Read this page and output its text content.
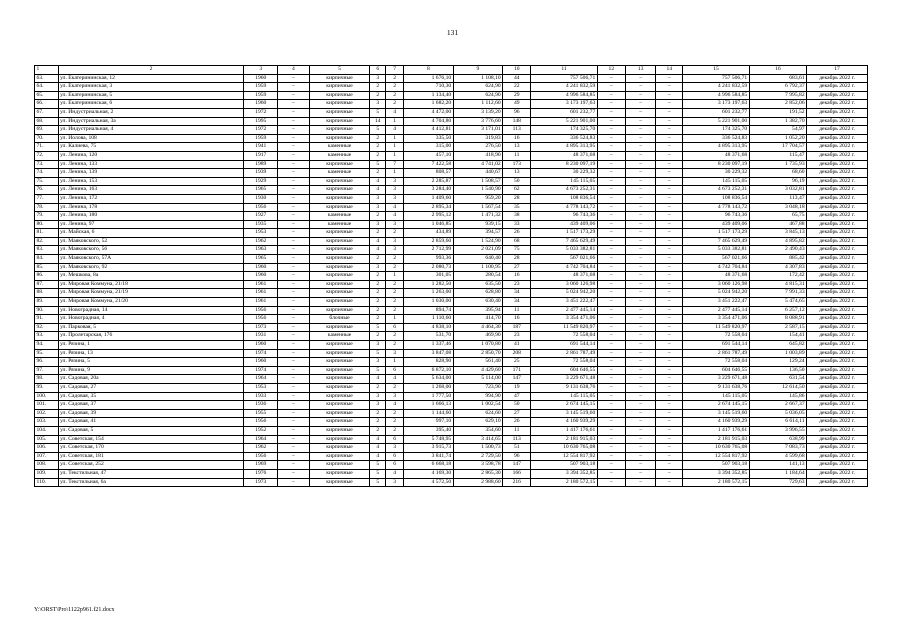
131
1	2	3	4	5	6	7	8	9	10	11	12	13	14	15	16	17
63.	ул. Екатерининская, 12	1960	–	кирпичные	3	2	1 676,10	1 108,10	44	757 506,71	–	–	–	757 506,71	683,61	декабрь 2022 г.
64.	ул. Екатерининская, 3	1959	–	кирпичные	2	2	710,30	624,90	22	4 241 832,59	–	–	–	4 241 832,59	6 792,37	декабрь 2022 г.
65.	ул. Екатерининская, 5	1959	–	кирпичные	2	2	1 134,40	624,90	29	4 996 584,85	–	–	–	4 996 584,85	7 995,82	декабрь 2022 г.
66.	ул. Екатерининская, 6	1960	–	кирпичные	3	2	1 682,20	1 112,60	49	3 173 197,63	–	–	–	3 173 197,63	2 852,06	декабрь 2022 г.
67.	ул. Индустриальная, 2	1972	–	кирпичные	5	4	4 472,00	3 139,20	96	601 232,77	–	–	–	601 232,77	191,52	декабрь 2022 г.
68.	ул. Индустриальная, 3а	1995	–	кирпичные	14	1	4 704,80	3 776,60	148	5 221 901,00	–	–	–	5 221 901,00	1 382,70	декабрь 2022 г.
69.	ул. Индустриальная, 4	1972	–	кирпичные	5	4	4 412,81	3 171,01	113	174 325,70	–	–	–	174 325,70	54,97	декабрь 2022 г.
70.	ул. Иолова, 108	1959	–	кирпичные	2	1	335,50	319,83	16	336 524,83	–	–	–	336 524,83	1 052,20	декабрь 2022 г.
71.	ул. Калиева, 75	1941	–	каменные	2	1	315,00	276,50	13	4 895 313,95	–	–	–	4 895 313,95	17 704,57	декабрь 2022 г.
72.	ул. Ленина, 120	1917	–	каменные	2	1	457,10	418,90	11	48 371,68	–	–	–	48 371,68	115,47	декабрь 2022 г.
73.	ул. Ленина, 133	1989	–	кирпичные	5	7	7 422,58	4 741,02	173	8 230 097,19	–	–	–	8 230 097,19	1 735,93	декабрь 2022 г.
74.	ул. Ленина, 139	1939	–	каменные	2	1	808,57	440,67	13	30 229,32	–	–	–	30 229,32	68,60	декабрь 2022 г.
75.	ул. Ленина, 153	1929	–	кирпичные	4	3	2 285,87	1 508,57	50	145 115,05	–	–	–	145 115,05	96,19	декабрь 2022 г.
76.	ул. Ленина, 163	1965	–	кирпичные	4	3	3 284,40	1 540,90	62	4 673 252,31	–	–	–	4 673 252,31	3 032,81	декабрь 2022 г.
77.	ул. Ленина, 172	1930	–	кирпичные	3	3	1 409,60	959,20	28	108 836,54	–	–	–	108 836,54	113,47	декабрь 2022 г.
78.	ул. Ленина, 178	1956	–	кирпичные	3	4	2 895,34	1 567,54	35	4 778 143,72	–	–	–	4 778 143,72	3 048,18	декабрь 2022 г.
79.	ул. Ленина, 180	1927	–	каменные	2	4	2 995,12	1 471,32	38	96 743,36	–	–	–	96 743,36	65,75	декабрь 2022 г.
80.	ул. Ленина, 97	1935	–	каменные	3	3	1 046,85	939,15	33	439 409,06	–	–	–	439 409,06	467,88	декабрь 2022 г.
81.	ул. Майская, 6	1953	–	кирпичные	2	2	434,89	394,57	26	1 517 173,29	–	–	–	1 517 173,29	3 845,13	декабрь 2022 г.
82.	ул. Маяковского, 52	1962	–	кирпичные	4	3	2 859,60	1 524,90	68	7 465 629,49	–	–	–	7 465 629,49	4 895,82	декабрь 2022 г.
83.	ул. Маяковского, 56	1963	–	кирпичные	4	3	2 712,99	2 021,09	75	5 033 382,81	–	–	–	5 033 382,81	2 490,43	декабрь 2022 г.
84.	ул. Маяковского, 57А	1965	–	кирпичные	2	2	993,36	640,40	28	567 021,66	–	–	–	567 021,66	885,42	декабрь 2022 г.
85.	ул. Маяковского, 92	1960	–	кирпичные	3	2	2 080,73	1 100,95	27	4 742 704,84	–	–	–	4 742 704,84	4 307,83	декабрь 2022 г.
86.	ул. Мешкова, 8а	1960	–	кирпичные	2	1	301,05	280,54	16	48 371,68	–	–	–	48 371,68	172,42	декабрь 2022 г.
87.	ул. Мировая Коммуна, 21/18	1961	–	кирпичные	2	2	1 282,50	635,50	23	3 060 126,98	–	–	–	3 060 126,98	4 815,31	декабрь 2022 г.
88.	ул. Мировая Коммуна, 21/19	1961	–	кирпичные	2	2	1 263,00	628,80	34	5 024 942,20	–	–	–	5 024 942,20	7 991,33	декабрь 2022 г.
89.	ул. Мировая Коммуна, 21/20	1961	–	кирпичные	2	2	1 030,00	630,40	34	3 451 222,47	–	–	–	3 451 222,47	5 474,65	декабрь 2022 г.
90.	ул. Новоградная, 14	1956	–	кирпичные	2	2	894,74	395,94	11	2 477 445,14	–	–	–	2 477 445,14	6 257,12	декабрь 2022 г.
91.	ул. Новоградная, 4	1956	–	блочные	2	1	1 110,60	414,70	16	3 354 471,06	–	–	–	3 354 471,06	8 088,91	декабрь 2022 г.
92.	ул. Парковая, 5	1973	–	кирпичные	5	6	4 838,10	4 464,30	187	11 549 820,97	–	–	–	11 549 820,97	2 587,15	декабрь 2022 г.
93.	ул. Пролетарская, 176	1931	–	каменные	2	2	531,70	469,90	23	72 558,04	–	–	–	72 558,04	154,41	декабрь 2022 г.
94.	ул. Рязина, 1	1960	–	кирпичные	3	2	1 337,46	1 070,80	41	691 544,14	–	–	–	691 544,14	645,82	декабрь 2022 г.
95.	ул. Рязина, 13	1974	–	кирпичные	5	3	3 847,08	2 850,70	208	2 861 787,49	–	–	–	2 861 787,49	1 003,89	декабрь 2022 г.
96.	ул. Рязина, 5	1960	–	кирпичные	3	1	828,90	561,40	25	72 558,04	–	–	–	72 558,04	129,24	декабрь 2022 г.
97.	ул. Рязина, 9	1974	–	кирпичные	5	6	6 872,10	4 429,60	171	604 646,55	–	–	–	604 646,55	136,50	декабрь 2022 г.
98.	ул. Садовая, 20а	1964	–	кирпичные	4	4	5 634,00	5 114,00	147	3 229 671,48	–	–	–	3 229 671,48	631,54	декабрь 2022 г.
99.	ул. Садовая, 27	1953	–	кирпичные	2	2	1 268,00	723,90	19	9 131 638,76	–	–	–	9 131 638,76	12 614,50	декабрь 2022 г.
100.	ул. Садовая, 35	1933	–	кирпичные	3	3	1 777,50	994,90	47	145 115,05	–	–	–	145 115,05	145,86	декабрь 2022 г.
101.	ул. Садовая, 37	1936	–	кирпичные	3	4	1 666,13	1 002,54	50	2 674 145,15	–	–	–	2 674 145,15	2 667,37	декабрь 2022 г.
102.	ул. Садовая, 39	1955	–	кирпичные	2	2	1 144,60	624,60	27	3 145 519,60	–	–	–	3 145 519,60	5 036,05	декабрь 2022 г.
103.	ул. Садовая, 41	1956	–	кирпичные	2	2	997,10	629,10	26	4 160 939,29	–	–	–	4 160 939,29	6 614,11	декабрь 2022 г.
104.	ул. Садовая, 5	1952	–	кирпичные	2	2	395,40	354,60	11	1 417 176,61	–	–	–	1 417 176,61	3 996,55	декабрь 2022 г.
105.	ул. Советская, 154	1964	–	кирпичные	4	6	5 748,95	3 414,65	113	2 181 915,03	–	–	–	2 181 915,03	638,99	декабрь 2022 г.
106.	ул. Советская, 170	1962	–	кирпичные	4	3	3 915,73	1 500,73	51	10 630 765,08	–	–	–	10 630 765,08	7 083,73	декабрь 2022 г.
107.	ул. Советская, 181	1956	–	кирпичные	4	6	3 841,74	2 729,50	96	12 554 817,92	–	–	–	12 554 817,92	4 599,68	декабрь 2022 г.
108.	ул. Советская, 252	1969	–	кирпичные	5	6	6 668,18	3 598,78	147	507 903,18	–	–	–	507 903,18	141,13	декабрь 2022 г.
109.	ул. Текстильная, 47	1976	–	кирпичные	5	4	4 169,30	2 865,30	166	3 394 352,85	–	–	–	3 394 352,85	1 184,64	декабрь 2022 г.
110.	ул. Текстильная, 6а	1973	–	кирпичные	5	3	4 572,50	2 988,60	216	2 180 572,15	–	–	–	2 180 572,15	729,63	декабрь 2022 г.
Y:\ORST\Pro\1122p961.f21.docx
